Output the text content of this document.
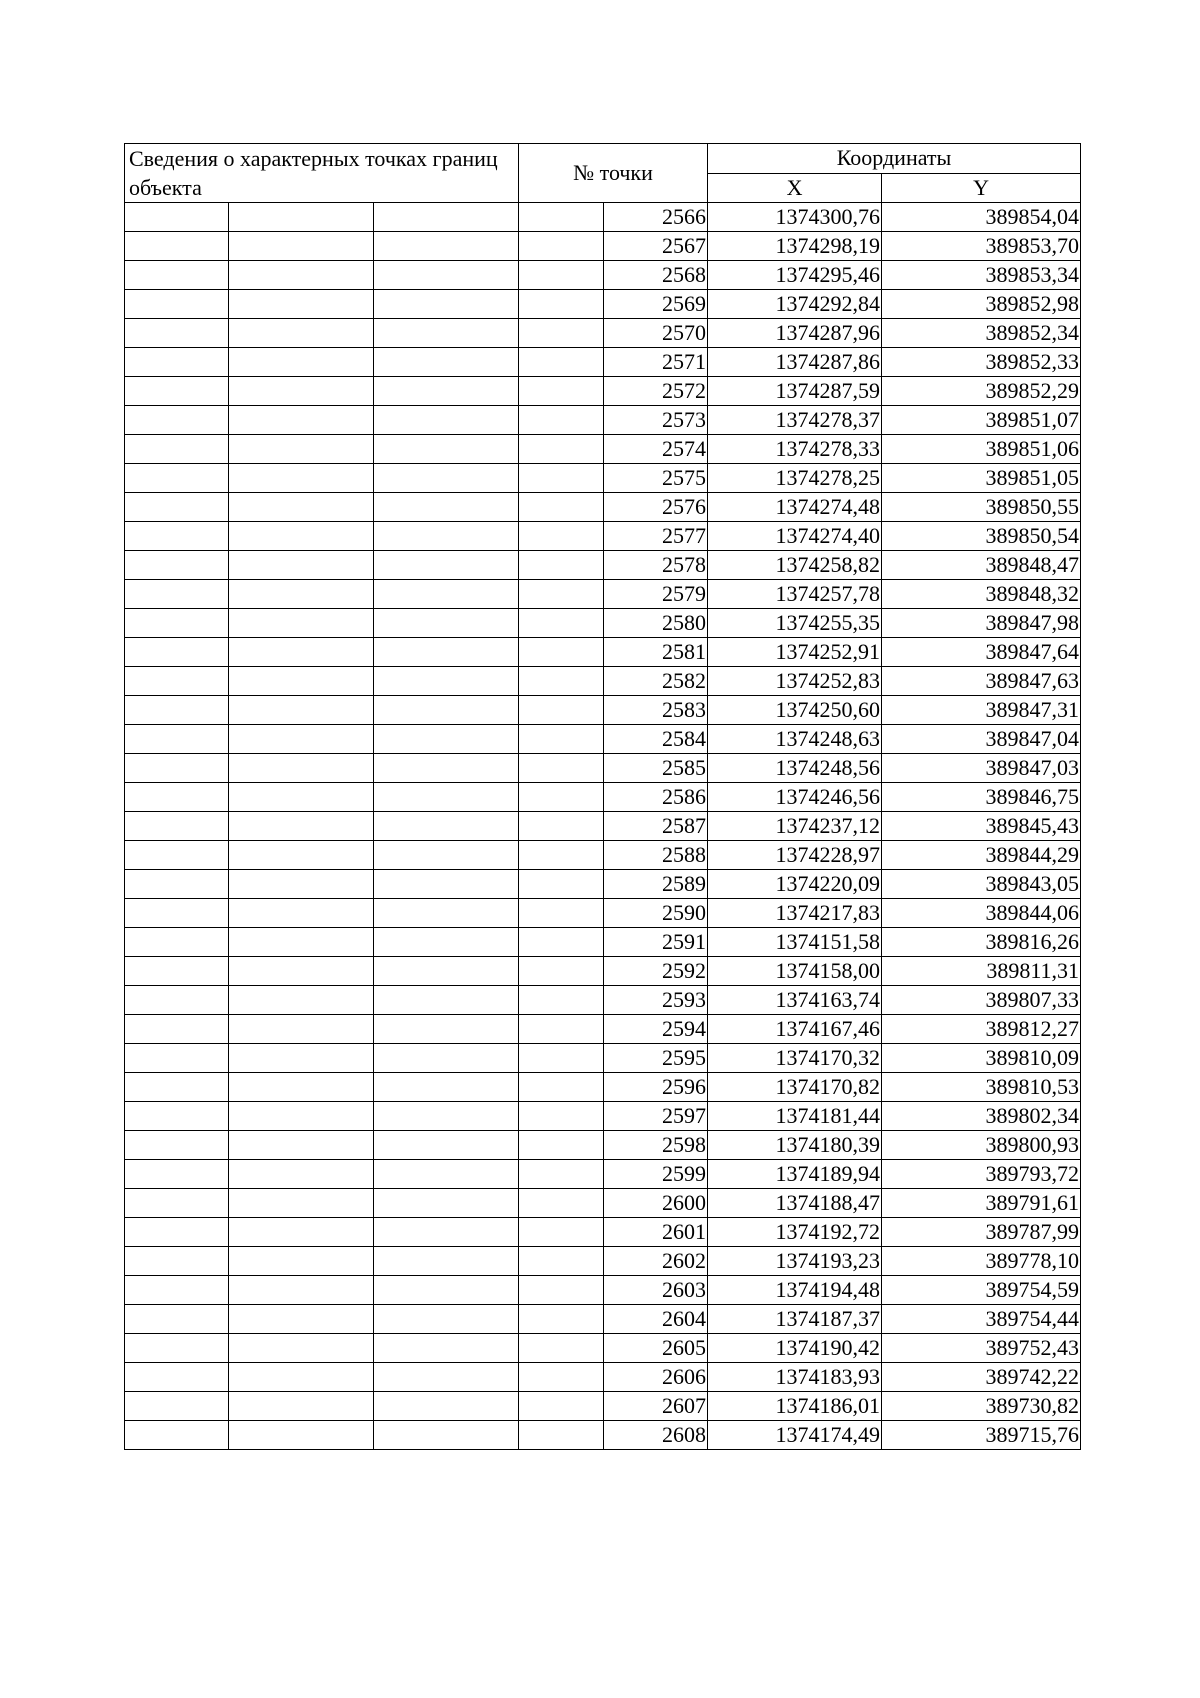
Сведения о характерных точках границ объекта			№ точки		Координаты	
					X	Y
				2566	1374300,76	389854,04
				2567	1374298,19	389853,70
				2568	1374295,46	389853,34
				2569	1374292,84	389852,98
				2570	1374287,96	389852,34
				2571	1374287,86	389852,33
				2572	1374287,59	389852,29
				2573	1374278,37	389851,07
				2574	1374278,33	389851,06
				2575	1374278,25	389851,05
				2576	1374274,48	389850,55
				2577	1374274,40	389850,54
				2578	1374258,82	389848,47
				2579	1374257,78	389848,32
				2580	1374255,35	389847,98
				2581	1374252,91	389847,64
				2582	1374252,83	389847,63
				2583	1374250,60	389847,31
				2584	1374248,63	389847,04
				2585	1374248,56	389847,03
				2586	1374246,56	389846,75
				2587	1374237,12	389845,43
				2588	1374228,97	389844,29
				2589	1374220,09	389843,05
				2590	1374217,83	389844,06
				2591	1374151,58	389816,26
				2592	1374158,00	389811,31
				2593	1374163,74	389807,33
				2594	1374167,46	389812,27
				2595	1374170,32	389810,09
				2596	1374170,82	389810,53
				2597	1374181,44	389802,34
				2598	1374180,39	389800,93
				2599	1374189,94	389793,72
				2600	1374188,47	389791,61
				2601	1374192,72	389787,99
				2602	1374193,23	389778,10
				2603	1374194,48	389754,59
				2604	1374187,37	389754,44
				2605	1374190,42	389752,43
				2606	1374183,93	389742,22
				2607	1374186,01	389730,82
				2608	1374174,49	389715,76
